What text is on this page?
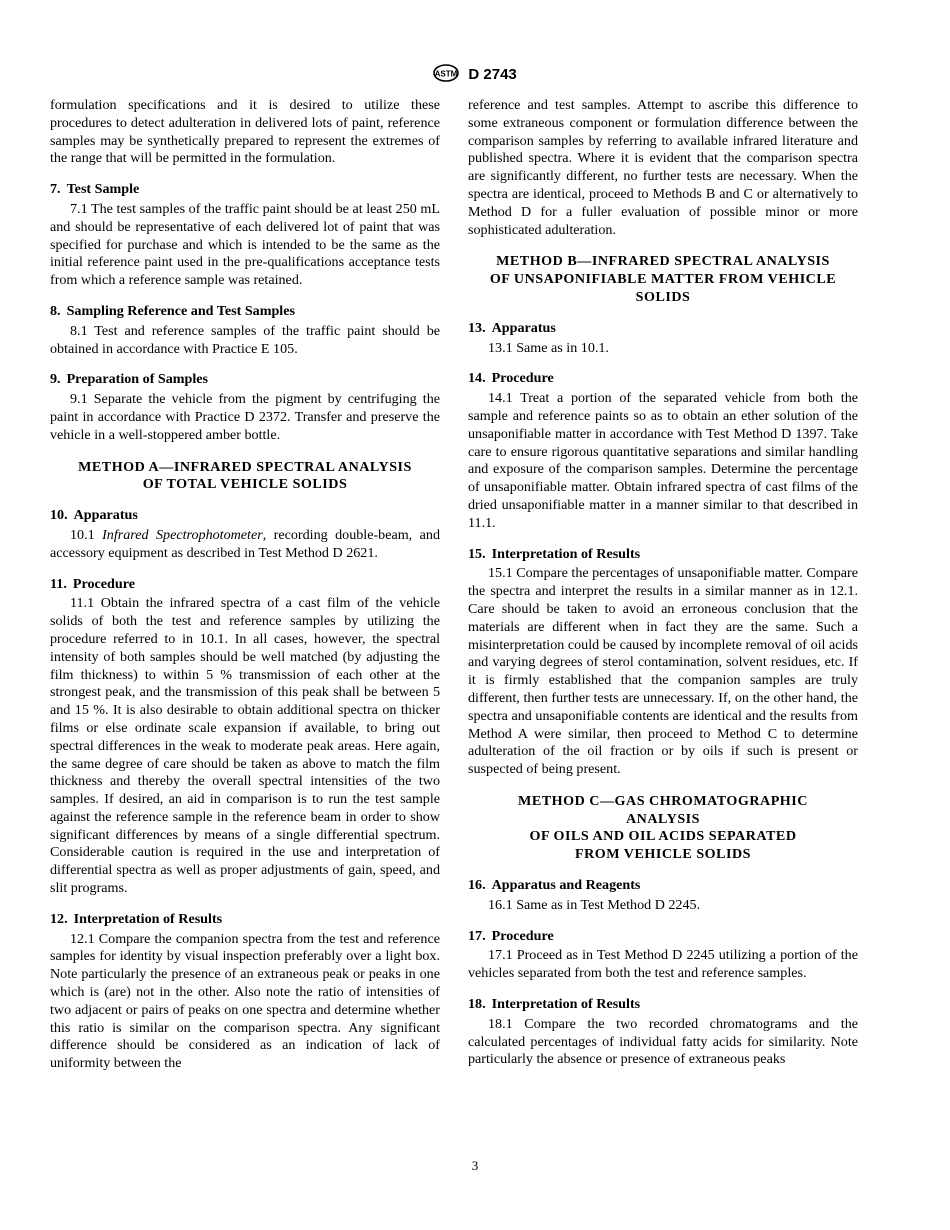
ASTM D 2743

formulation specifications and it is desired to utilize these procedures to detect adulteration in delivered lots of paint, reference samples may be synthetically prepared to represent the extremes of the range that will be permitted in the formulation.

7. Test Sample

7.1 The test samples of the traffic paint should be at least 250 mL and should be representative of each delivered lot of paint that was specified for purchase and which is intended to be the same as the initial reference paint used in the pre-qualifications acceptance tests from which a reference sample was retained.

8. Sampling Reference and Test Samples

8.1 Test and reference samples of the traffic paint should be obtained in accordance with Practice E 105.

9. Preparation of Samples

9.1 Separate the vehicle from the pigment by centrifuging the paint in accordance with Practice D 2372. Transfer and preserve the vehicle in a well-stoppered amber bottle.

METHOD A—INFRARED SPECTRAL ANALYSIS
OF TOTAL VEHICLE SOLIDS
10. Apparatus

10.1 Infrared Spectrophotometer, recording double-beam, and accessory equipment as described in Test Method D 2621.

11. Procedure

11.1 Obtain the infrared spectra of a cast film of the vehicle solids of both the test and reference samples by utilizing the procedure referred to in 10.1. In all cases, however, the spectral intensity of both samples should be well matched (by adjusting the film thickness) to within 5 % transmission of each other at the strongest peak, and the transmission of this peak shall be between 5 and 15 %. It is also desirable to obtain additional spectra on thicker films or else ordinate scale expansion if available, to bring out spectral differences in the weak to moderate peak areas. Here again, the same degree of care should be taken as above to match the film thickness and thereby the overall spectral intensities of the two samples. If desired, an aid in comparison is to run the test sample against the reference sample in the reference beam in order to show significant differences by means of a single differential spectrum. Considerable caution is required in the use and interpretation of differential spectra as well as proper adjustments of gain, speed, and slit programs.

12. Interpretation of Results

12.1 Compare the companion spectra from the test and reference samples for identity by visual inspection preferably over a light box. Note particularly the presence of an extraneous peak or peaks in one which is (are) not in the other. Also note the ratio of intensities of two adjacent or pairs of peaks on one spectra and determine whether this ratio is similar on the comparison spectra. Any significant difference should be considered as an indication of lack of uniformity between the

reference and test samples. Attempt to ascribe this difference to some extraneous component or formulation difference between the comparison samples by referring to available infrared literature and published spectra. Where it is evident that the comparison spectra are significantly different, no further tests are necessary. When the spectra are identical, proceed to Methods B and C or alternatively to Method D for a fuller evaluation of possible minor or more sophisticated adulteration.

METHOD B—INFRARED SPECTRAL ANALYSIS
OF UNSAPONIFIABLE MATTER FROM VEHICLE
SOLIDS
13. Apparatus

13.1 Same as in 10.1.

14. Procedure

14.1 Treat a portion of the separated vehicle from both the sample and reference paints so as to obtain an ether solution of the unsaponifiable matter in accordance with Test Method D 1397. Take care to ensure rigorous quantitative separations and similar handling and exposure of the comparison samples. Determine the percentage of unsaponifiable matter. Obtain infrared spectra of cast films of the dried unsaponifiable matter in a manner similar to that described in 11.1.

15. Interpretation of Results

15.1 Compare the percentages of unsaponifiable matter. Compare the spectra and interpret the results in a similar manner as in 12.1. Care should be taken to avoid an erroneous conclusion that the materials are different when in fact they are the same. Such a misinterpretation could be caused by incomplete removal of oil acids and varying degrees of sterol contamination, solvent residues, etc. If it is firmly established that the companion samples are truly different, then further tests are unnecessary. If, on the other hand, the spectra and unsaponifiable contents are identical and the results from Method A were similar, then proceed to Method C to determine adulteration of the oil fraction or by oils if such is present or suspected of being present.

METHOD C—GAS CHROMATOGRAPHIC
ANALYSIS
OF OILS AND OIL ACIDS SEPARATED
FROM VEHICLE SOLIDS
16. Apparatus and Reagents

16.1 Same as in Test Method D 2245.

17. Procedure

17.1 Proceed as in Test Method D 2245 utilizing a portion of the vehicles separated from both the test and reference samples.

18. Interpretation of Results

18.1 Compare the two recorded chromatograms and the calculated percentages of individual fatty acids for similarity. Note particularly the absence or presence of extraneous peaks

3
